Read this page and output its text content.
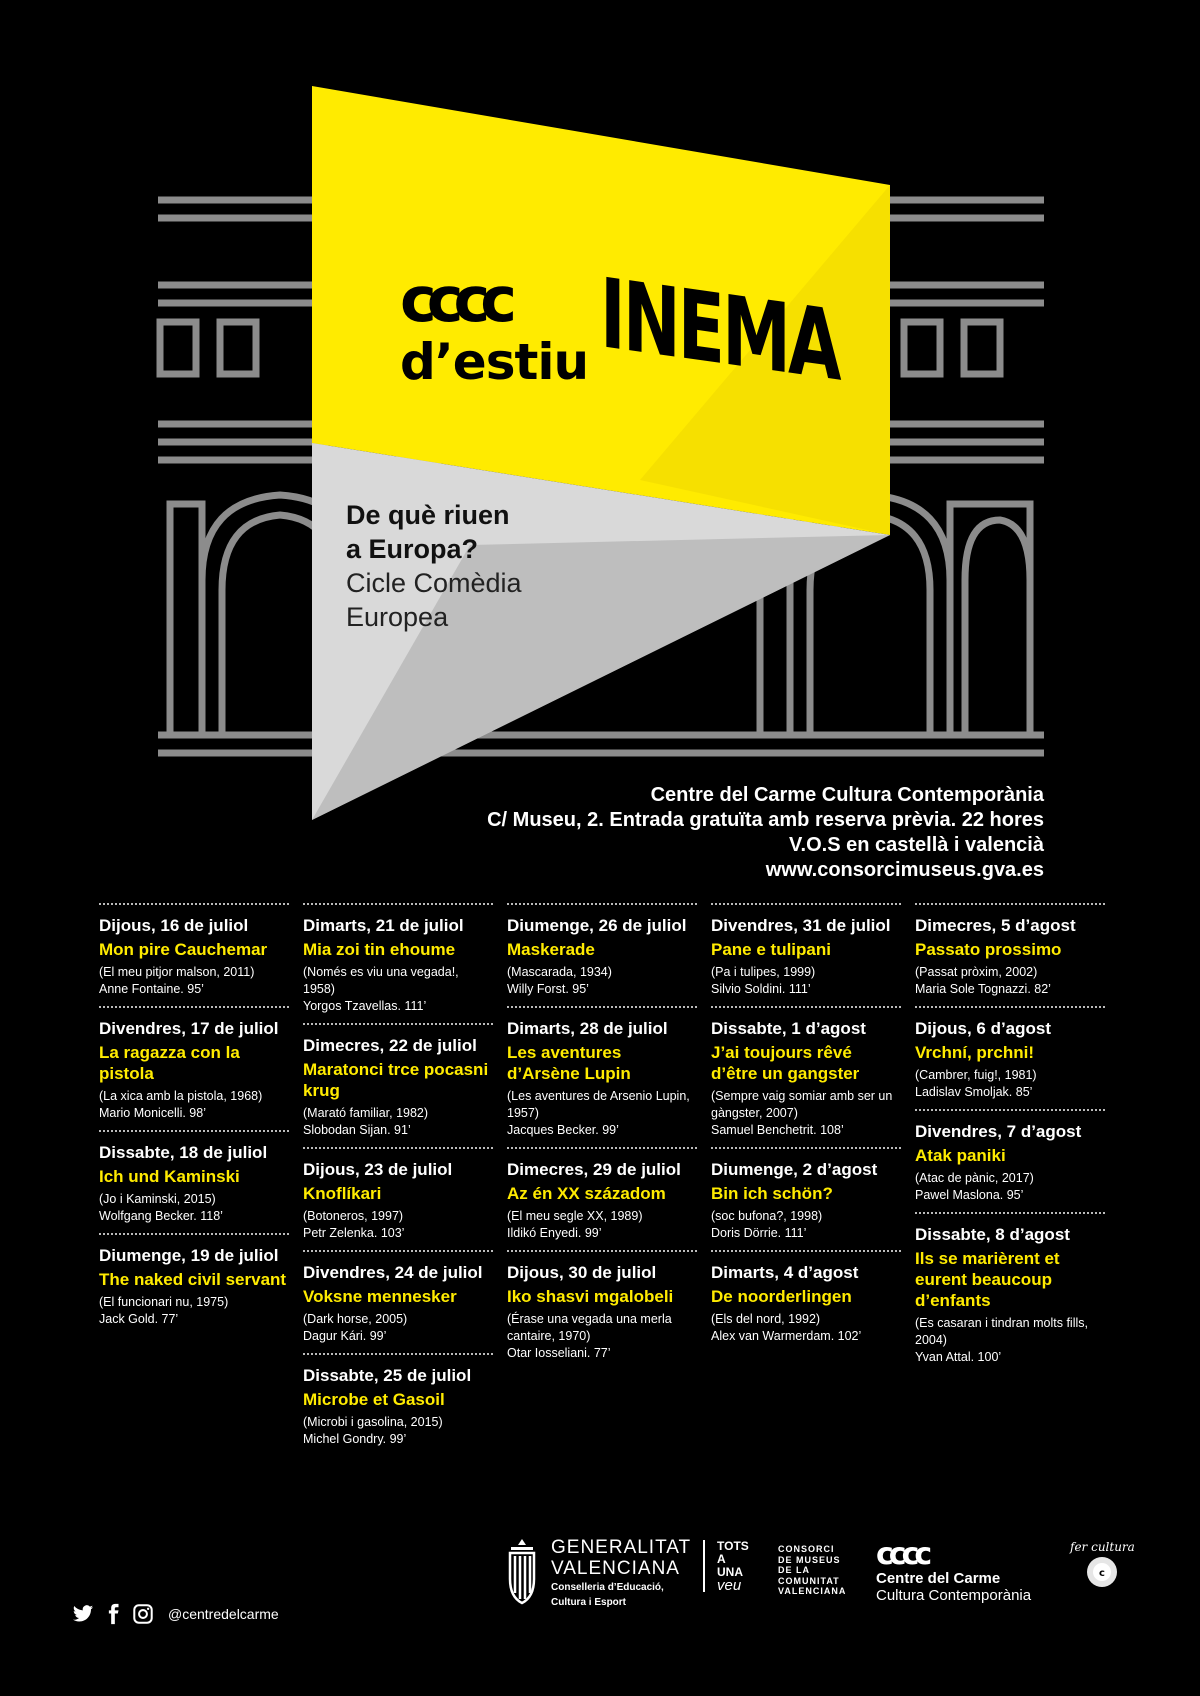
cccc
d’estiu INEMA
De què riuen
a Europa?
Cicle Comèdia
Europea
Centre del Carme Cultura Contemporània
C/ Museu, 2. Entrada gratuïta amb reserva prèvia. 22 hores
V.O.S en castellà i valencià
www.consorcimuseus.gva.es
Dijous, 16 de juliol
Mon pire Cauchemar
(El meu pitjor malson, 2011)
Anne Fontaine. 95’
Divendres, 17 de juliol
La ragazza con la pistola
(La xica amb la pistola, 1968)
Mario Monicelli. 98’
Dissabte, 18 de juliol
Ich und Kaminski
(Jo i Kaminski, 2015)
Wolfgang Becker. 118’
Diumenge, 19 de juliol
The naked civil servant
(El funcionari nu, 1975)
Jack Gold. 77’
Dimarts, 21 de juliol
Mia zoi tin ehoume
(Només es viu una vegada!, 1958)
Yorgos Tzavellas. 111’
Dimecres, 22 de juliol
Maratonci trce pocasni krug
(Marató familiar, 1982)
Slobodan Sijan. 91’
Dijous, 23 de juliol
Knoflíkari
(Botoneros, 1997)
Petr Zelenka. 103’
Divendres, 24 de juliol
Voksne mennesker
(Dark horse, 2005)
Dagur Kári. 99’
Dissabte, 25 de juliol
Microbe et Gasoil
(Microbi i gasolina, 2015)
Michel Gondry. 99’
Diumenge, 26 de juliol
Maskerade
(Mascarada, 1934)
Willy Forst. 95’
Dimarts, 28 de juliol
Les aventures d’Arsène Lupin
(Les aventures de Arsenio Lupin, 1957)
Jacques Becker. 99’
Dimecres, 29 de juliol
Az én XX századom
(El meu segle XX, 1989)
Ildikó Enyedi. 99’
Dijous, 30 de juliol
Iko shasvi mgalobeli
(Érase una vegada una merla cantaire, 1970)
Otar Iosseliani. 77’
Divendres, 31 de juliol
Pane e tulipani
(Pa i tulipes, 1999)
Silvio Soldini. 111’
Dissabte, 1 d’agost
J’ai toujours rêvé d’être un gangster
(Sempre vaig somiar amb ser un gàngster, 2007)
Samuel Benchetrit. 108’
Diumenge, 2 d’agost
Bin ich schön?
(soc bufona?, 1998)
Doris Dörrie. 111’
Dimarts, 4 d’agost
De noorderlingen
(Els del nord, 1992)
Alex van Warmerdam. 102’
Dimecres, 5 d’agost
Passato prossimo
(Passat pròxim, 2002)
Maria Sole Tognazzi. 82’
Dijous, 6 d’agost
Vrchní, prchni!
(Cambrer, fuig!, 1981)
Ladislav Smoljak. 85’
Divendres, 7 d’agost
Atak paniki
(Atac de pànic, 2017)
Pawel Maslona. 95’
Dissabte, 8 d’agost
Ils se marièrent et eurent beaucoup d’enfants
(Es casaran i tindran molts fills, 2004)
Yvan Attal. 100’
@centredelcarme
GENERALITAT
VALENCIANA
Conselleria d’Educació,
Cultura i Esport
TOTS
A UNA
veu
CONSORCI
DE MUSEUS
DE LA
COMUNITAT
VALENCIANA
cccc
Centre del Carme
Cultura Contemporània
fer cultura
c
